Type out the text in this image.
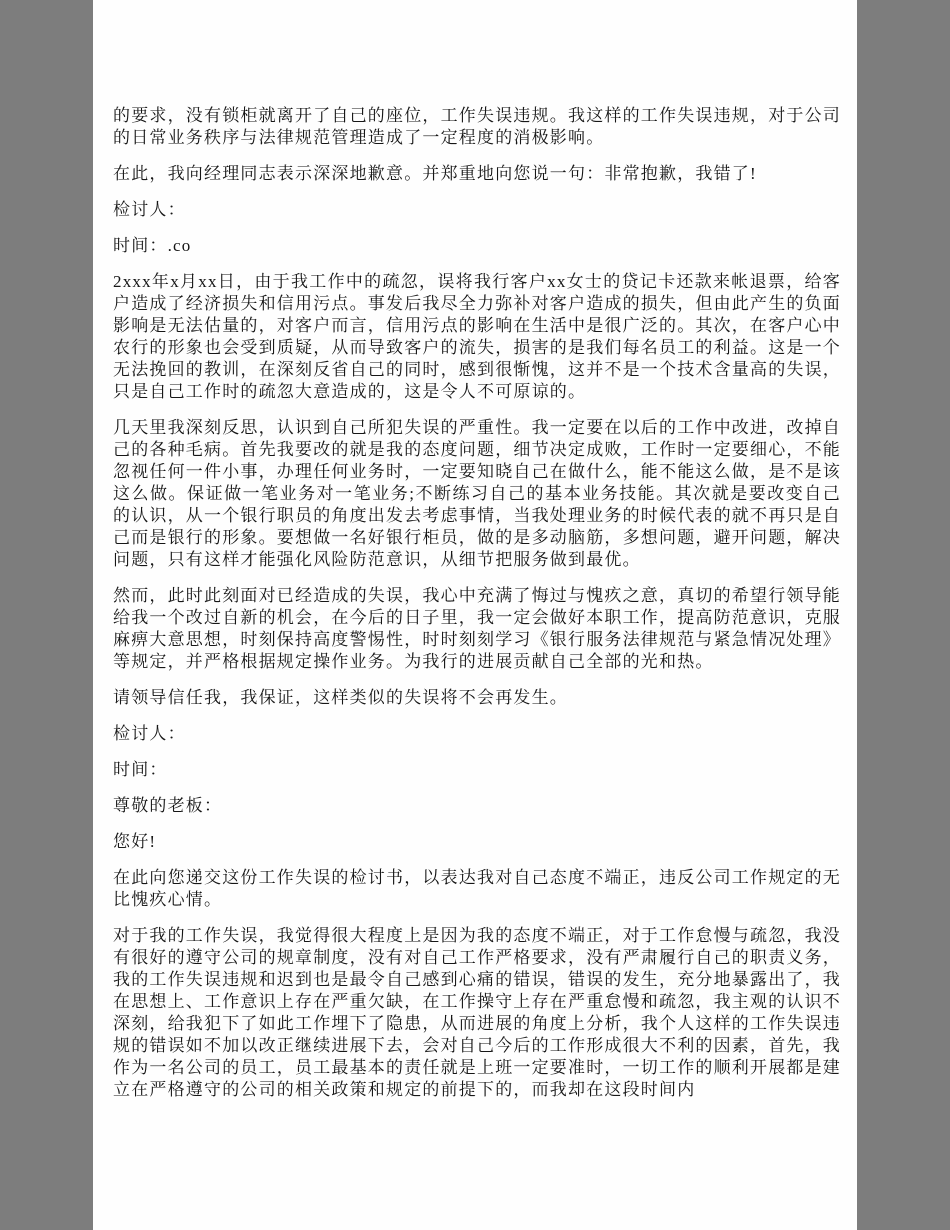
的要求，没有锁柜就离开了自己的座位，工作失误违规。我这样的工作失误违规，对于公司的日常业务秩序与法律规范管理造成了一定程度的消极影响。

在此，我向经理同志表示深深地歉意。并郑重地向您说一句：非常抱歉，我错了!

检讨人：

时间：.co

2xxx年x月xx日，由于我工作中的疏忽，误将我行客户xx女士的贷记卡还款来帐退票，给客户造成了经济损失和信用污点。事发后我尽全力弥补对客户造成的损失，但由此产生的负面影响是无法估量的，对客户而言，信用污点的影响在生活中是很广泛的。其次，在客户心中农行的形象也会受到质疑，从而导致客户的流失，损害的是我们每名员工的利益。这是一个无法挽回的教训，在深刻反省自己的同时，感到很惭愧，这并不是一个技术含量高的失误，只是自己工作时的疏忽大意造成的，这是令人不可原谅的。

几天里我深刻反思，认识到自己所犯失误的严重性。我一定要在以后的工作中改进，改掉自己的各种毛病。首先我要改的就是我的态度问题，细节决定成败，工作时一定要细心，不能忽视任何一件小事，办理任何业务时，一定要知晓自己在做什么，能不能这么做，是不是该这么做。保证做一笔业务对一笔业务;不断练习自己的基本业务技能。其次就是要改变自己的认识，从一个银行职员的角度出发去考虑事情，当我处理业务的时候代表的就不再只是自己而是银行的形象。要想做一名好银行柜员，做的是多动脑筋，多想问题，避开问题，解决问题，只有这样才能强化风险防范意识，从细节把服务做到最优。

然而，此时此刻面对已经造成的失误，我心中充满了悔过与愧疚之意，真切的希望行领导能给我一个改过自新的机会，在今后的日子里，我一定会做好本职工作，提高防范意识，克服麻痹大意思想，时刻保持高度警惕性，时时刻刻学习《银行服务法律规范与紧急情况处理》等规定，并严格根据规定操作业务。为我行的进展贡献自己全部的光和热。

请领导信任我，我保证，这样类似的失误将不会再发生。

检讨人：

时间：

尊敬的老板：

您好!

在此向您递交这份工作失误的检讨书，以表达我对自己态度不端正，违反公司工作规定的无比愧疚心情。

对于我的工作失误，我觉得很大程度上是因为我的态度不端正，对于工作怠慢与疏忽，我没有很好的遵守公司的规章制度，没有对自己工作严格要求，没有严肃履行自己的职责义务，我的工作失误违规和迟到也是最令自己感到心痛的错误，错误的发生，充分地暴露出了，我在思想上、工作意识上存在严重欠缺，在工作操守上存在严重怠慢和疏忽，我主观的认识不深刻，给我犯下了如此工作埋下了隐患，从而进展的角度上分析，我个人这样的工作失误违规的错误如不加以改正继续进展下去，会对自己今后的工作形成很大不利的因素，首先，我作为一名公司的员工，员工最基本的责任就是上班一定要准时，一切工作的顺利开展都是建立在严格遵守的公司的相关政策和规定的前提下的，而我却在这段时间内
